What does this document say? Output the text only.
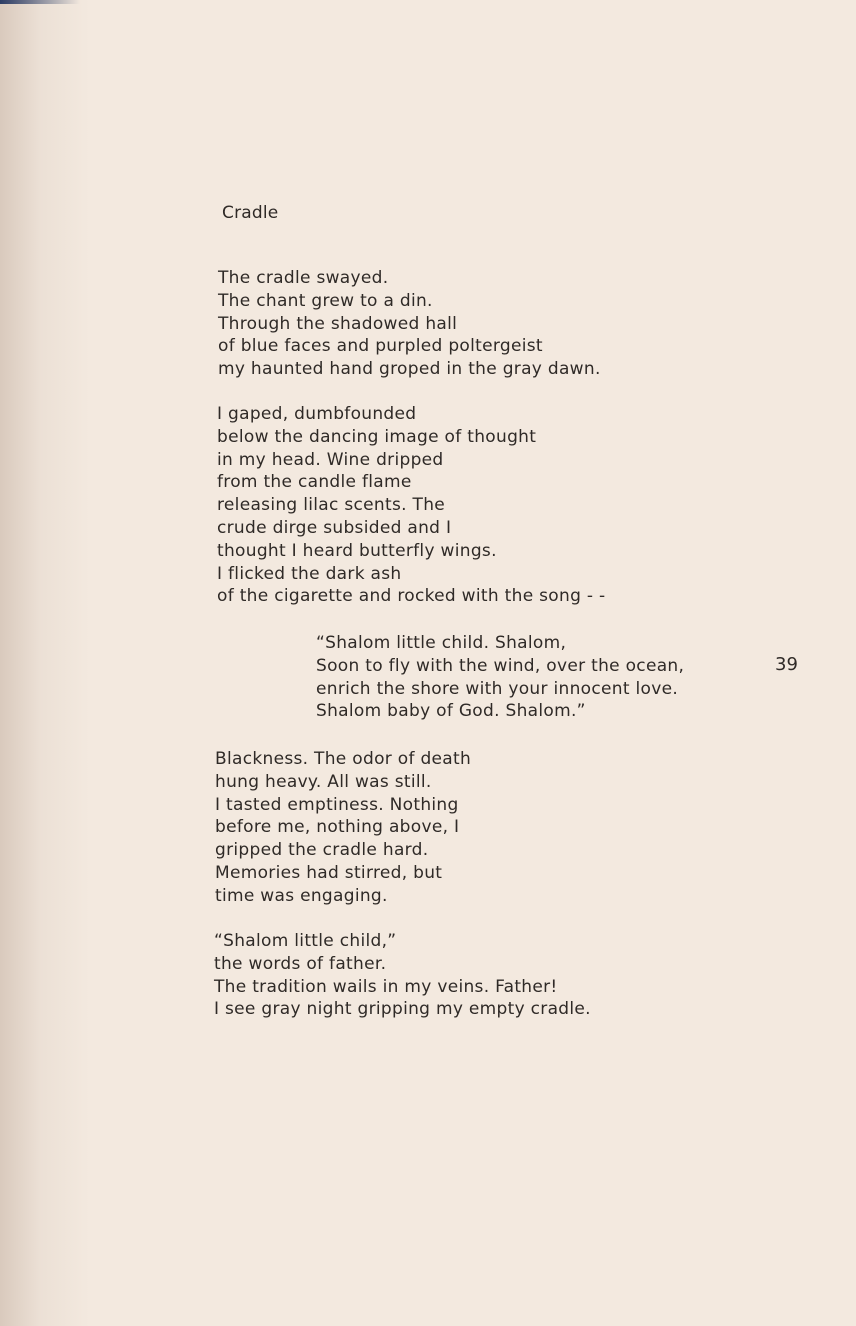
Cradle
The cradle swayed.
The chant grew to a din.
Through the shadowed hall
of blue faces and purpled poltergeist
my haunted hand groped in the gray dawn.
I gaped, dumbfounded
below the dancing image of thought
in my head. Wine dripped
from the candle flame
releasing lilac scents. The
crude dirge subsided and I
thought I heard butterfly wings.
I flicked the dark ash
of the cigarette and rocked with the song - -
“Shalom little child. Shalom,
Soon to fly with the wind, over the ocean,
enrich the shore with your innocent love.
Shalom baby of God. Shalom.”
Blackness. The odor of death
hung heavy. All was still.
I tasted emptiness. Nothing
before me, nothing above, I
gripped the cradle hard.
Memories had stirred, but
time was engaging.
“Shalom little child,”
the words of father.
The tradition wails in my veins. Father!
I see gray night gripping my empty cradle.
39
